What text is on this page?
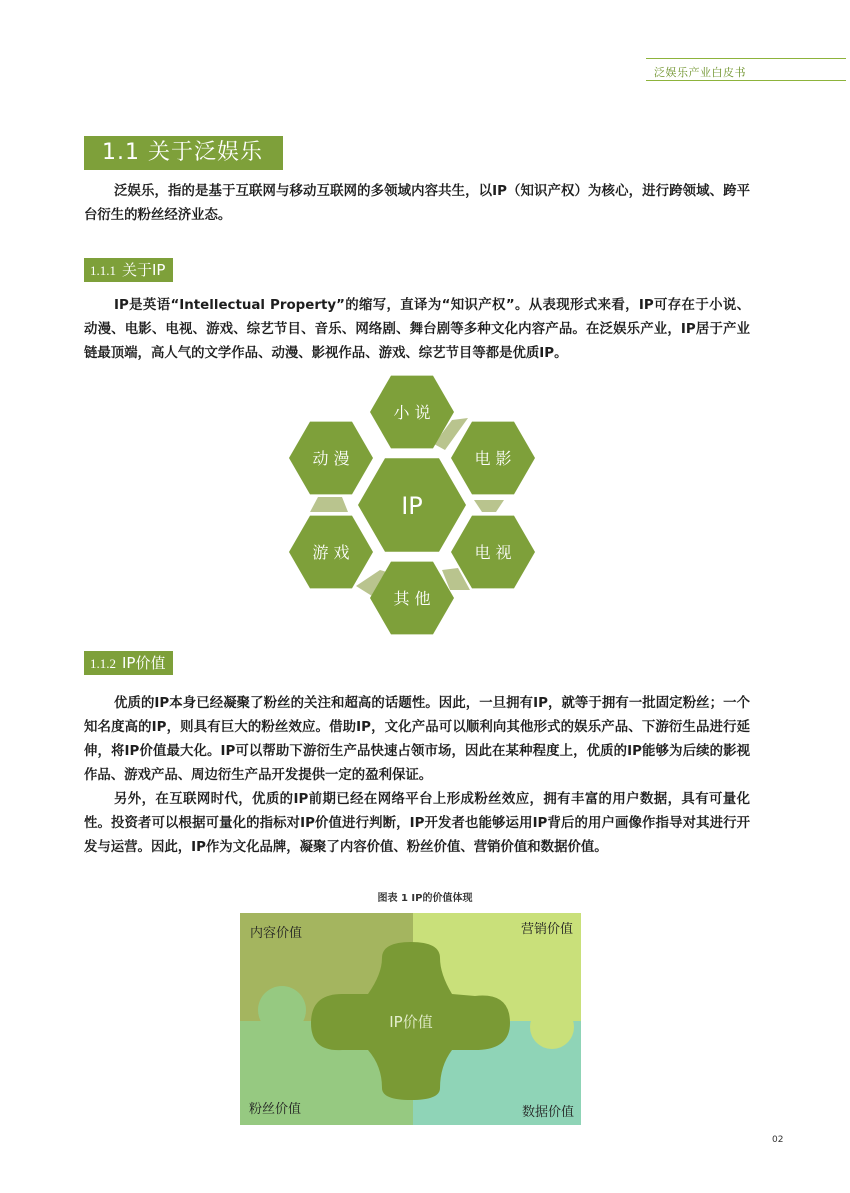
泛娱乐产业白皮书
1.1 关于泛娱乐

泛娱乐，指的是基于互联网与移动互联网的多领域内容共生，以IP（知识产权）为核心，进行跨领域、跨平台衍生的粉丝经济业态。

1.1.1 关于IP

IP是英语“Intellectual Property”的缩写，直译为“知识产权”。从表现形式来看，IP可存在于小说、动漫、电影、电视、游戏、综艺节目、音乐、网络剧、舞台剧等多种文化内容产品。在泛娱乐产业，IP居于产业链最顶端，高人气的文学作品、动漫、影视作品、游戏、综艺节目等都是优质IP。

小 说
电 影
电 视
其 他
游 戏
动 漫
IP
1.1.2 IP价值

优质的IP本身已经凝聚了粉丝的关注和超高的话题性。因此，一旦拥有IP，就等于拥有一批固定粉丝；一个知名度高的IP，则具有巨大的粉丝效应。借助IP，文化产品可以顺利向其他形式的娱乐产品、下游衍生品进行延伸，将IP价值最大化。IP可以帮助下游衍生产品快速占领市场，因此在某种程度上，优质的IP能够为后续的影视作品、游戏产品、周边衍生产品开发提供一定的盈利保证。

另外，在互联网时代，优质的IP前期已经在网络平台上形成粉丝效应，拥有丰富的用户数据，具有可量化性。投资者可以根据可量化的指标对IP价值进行判断，IP开发者也能够运用IP背后的用户画像作指导对其进行开发与运营。因此，IP作为文化品牌，凝聚了内容价值、粉丝价值、营销价值和数据价值。

图表 1 IP的价值体现
IP价值
内容价值	营销价值
粉丝价值	数据价值
02
